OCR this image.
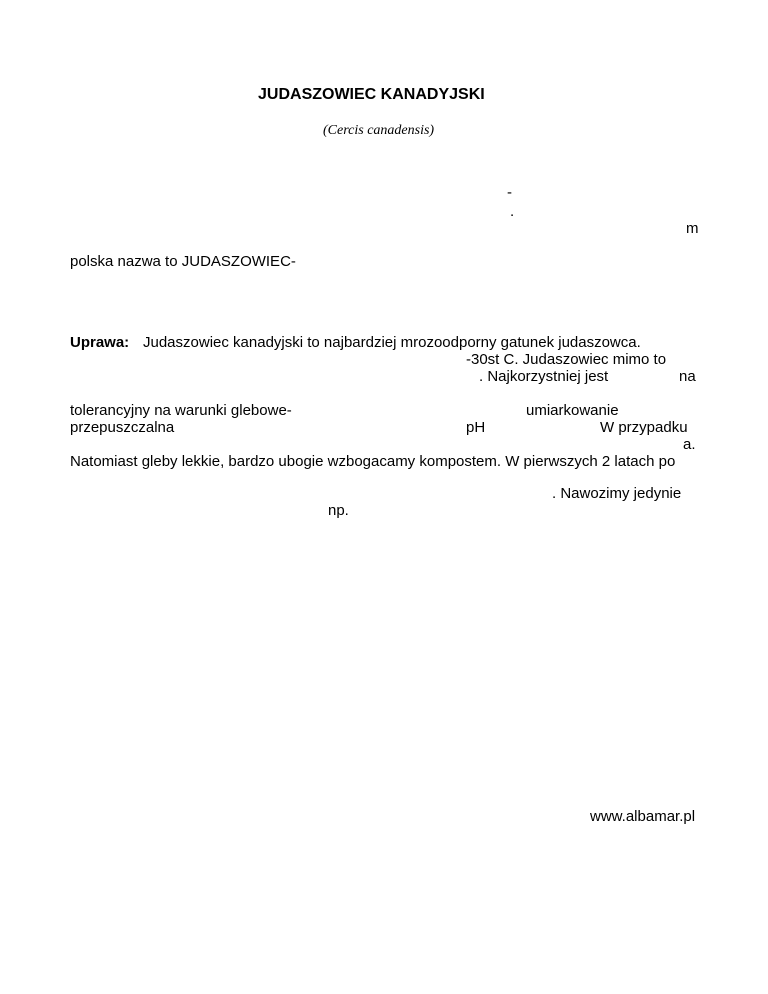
JUDASZOWIEC KANADYJSKI
(Cercis canadensis)
-
.
m
polska nazwa to JUDASZOWIEC-
Uprawa: Judaszowiec kanadyjski to najbardziej mrozoodporny gatunek judaszowca.
-30st C. Judaszowiec mimo to
. Najkorzystniej jest	na
tolerancyjny na warunki glebowe-	umiarkowanie
przepuszczalna	pH	W przypadku
a.
Natomiast gleby lekkie, bardzo ubogie wzbogacamy kompostem. W pierwszych 2 latach po
. Nawozimy jedynie
np.
www.albamar.pl
